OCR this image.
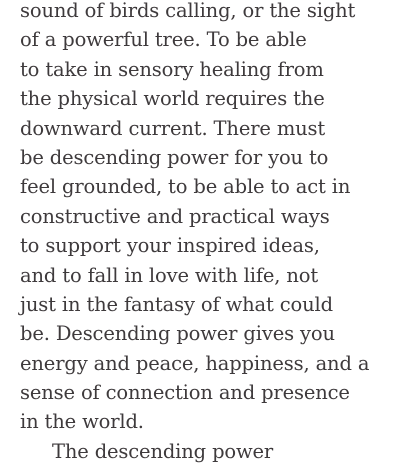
sound of birds calling, or the sight
of a powerful tree. To be able
to take in sensory healing from
the physical world requires the
downward current. There must
be descending power for you to
feel grounded, to be able to act in
constructive and practical ways
to support your inspired ideas,
and to fall in love with life, not
just in the fantasy of what could
be. Descending power gives you
energy and peace, happiness, and a
sense of connection and presence
in the world.
The descending power
